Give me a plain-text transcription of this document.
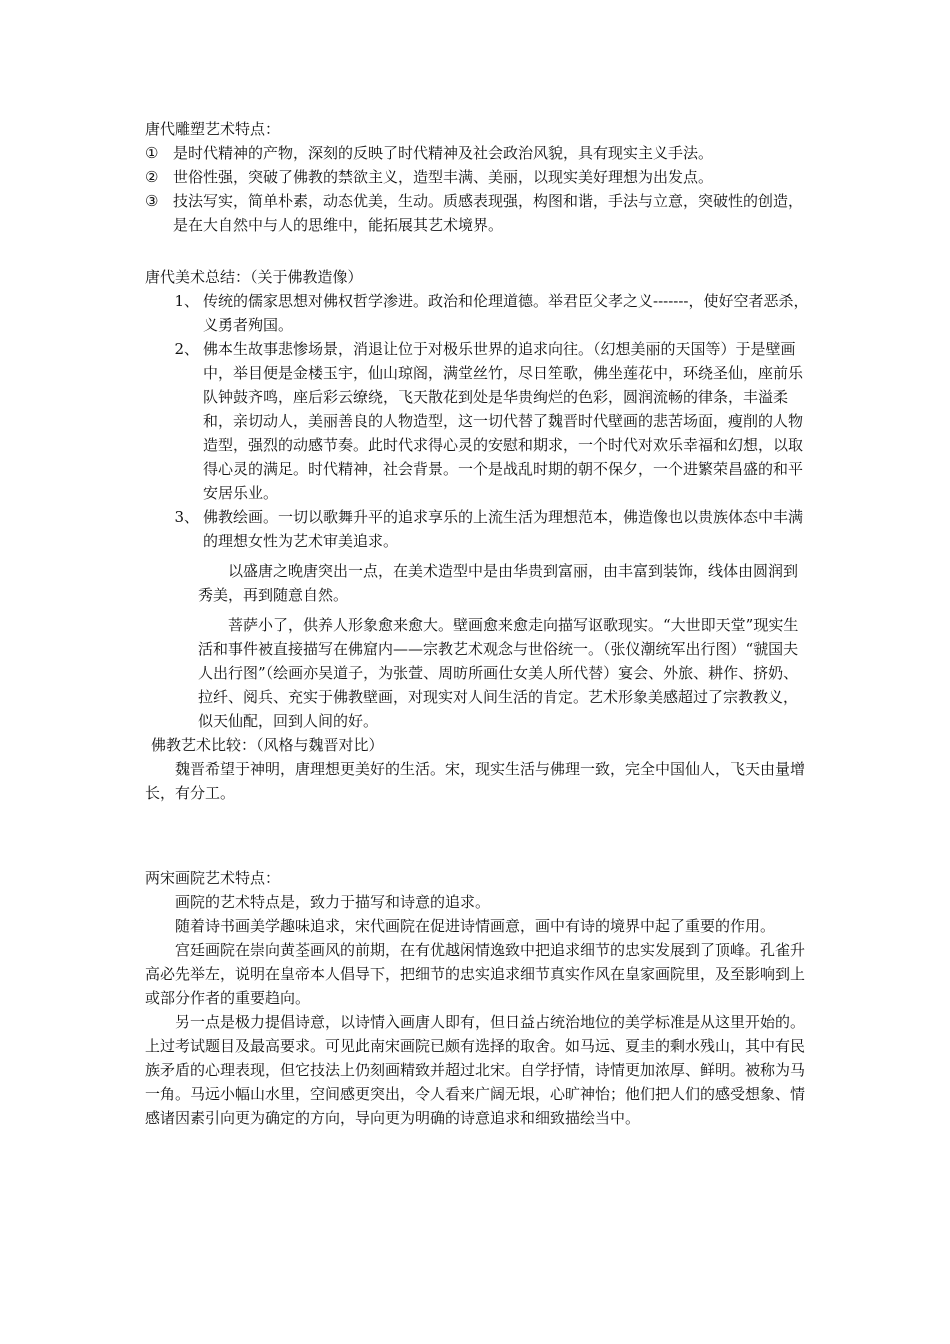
唐代雕塑艺术特点：
① 是时代精神的产物，深刻的反映了时代精神及社会政治风貌，具有现实主义手法。
② 世俗性强，突破了佛教的禁欲主义，造型丰满、美丽，以现实美好理想为出发点。
③ 技法写实，简单朴素，动态优美，生动。质感表现强，构图和谐，手法与立意，突破性的创造，是在大自然中与人的思维中，能拓展其艺术境界。
唐代美术总结：（关于佛教造像）
1、 传统的儒家思想对佛权哲学渗进。政治和伦理道德。举君臣父孝之义-------，使好空者恶杀，义勇者殉国。
2、 佛本生故事悲惨场景，消退让位于对极乐世界的追求向往。（幻想美丽的天国等）于是壁画中，举目便是金楼玉宇，仙山琼阁，满堂丝竹，尽日笙歌，佛坐莲花中，环绕圣仙，座前乐队钟鼓齐鸣，座后彩云缭绕，飞天散花到处是华贵绚烂的色彩，圆润流畅的律条，丰溢柔和，亲切动人，美丽善良的人物造型，这一切代替了魏晋时代壁画的悲苦场面，瘦削的人物造型，强烈的动感节奏。此时代求得心灵的安慰和期求，一个时代对欢乐幸福和幻想，以取得心灵的满足。时代精神，社会背景。一个是战乱时期的朝不保夕，一个进繁荣昌盛的和平安居乐业。
3、 佛教绘画。一切以歌舞升平的追求享乐的上流生活为理想范本，佛造像也以贵族体态中丰满的理想女性为艺术审美追求。
以盛唐之晚唐突出一点，在美术造型中是由华贵到富丽，由丰富到装饰，线体由圆润到秀美，再到随意自然。
菩萨小了，供养人形象愈来愈大。壁画愈来愈走向描写讴歌现实。“大世即天堂”现实生活和事件被直接描写在佛窟内——宗教艺术观念与世俗统一。（张仪潮统军出行图）“虢国夫人出行图”（绘画亦吴道子，为张萱、周昉所画仕女美人所代替）宴会、外旅、耕作、挤奶、拉纤、阅兵、充实于佛教壁画，对现实对人间生活的肯定。艺术形象美感超过了宗教教义，似天仙配，回到人间的好。
佛教艺术比较：（风格与魏晋对比）
魏晋希望于神明，唐理想更美好的生活。宋，现实生活与佛理一致，完全中国仙人，飞天由量增长，有分工。
两宋画院艺术特点：
画院的艺术特点是，致力于描写和诗意的追求。
随着诗书画美学趣味追求，宋代画院在促进诗情画意，画中有诗的境界中起了重要的作用。
宫廷画院在崇向黄荃画风的前期，在有优越闲情逸致中把追求细节的忠实发展到了顶峰。孔雀升高必先举左，说明在皇帝本人倡导下，把细节的忠实追求细节真实作风在皇家画院里，及至影响到上或部分作者的重要趋向。
另一点是极力提倡诗意，以诗情入画唐人即有，但日益占统治地位的美学标准是从这里开始的。上过考试题目及最高要求。可见此南宋画院已颇有选择的取舍。如马远、夏圭的剩水残山，其中有民族矛盾的心理表现，但它技法上仍刻画精致并超过北宋。自学抒情，诗情更加浓厚、鲜明。被称为马一角。马远小幅山水里，空间感更突出，令人看来广阔无垠，心旷神怡；他们把人们的感受想象、情感诸因素引向更为确定的方向，导向更为明确的诗意追求和细致描绘当中。
